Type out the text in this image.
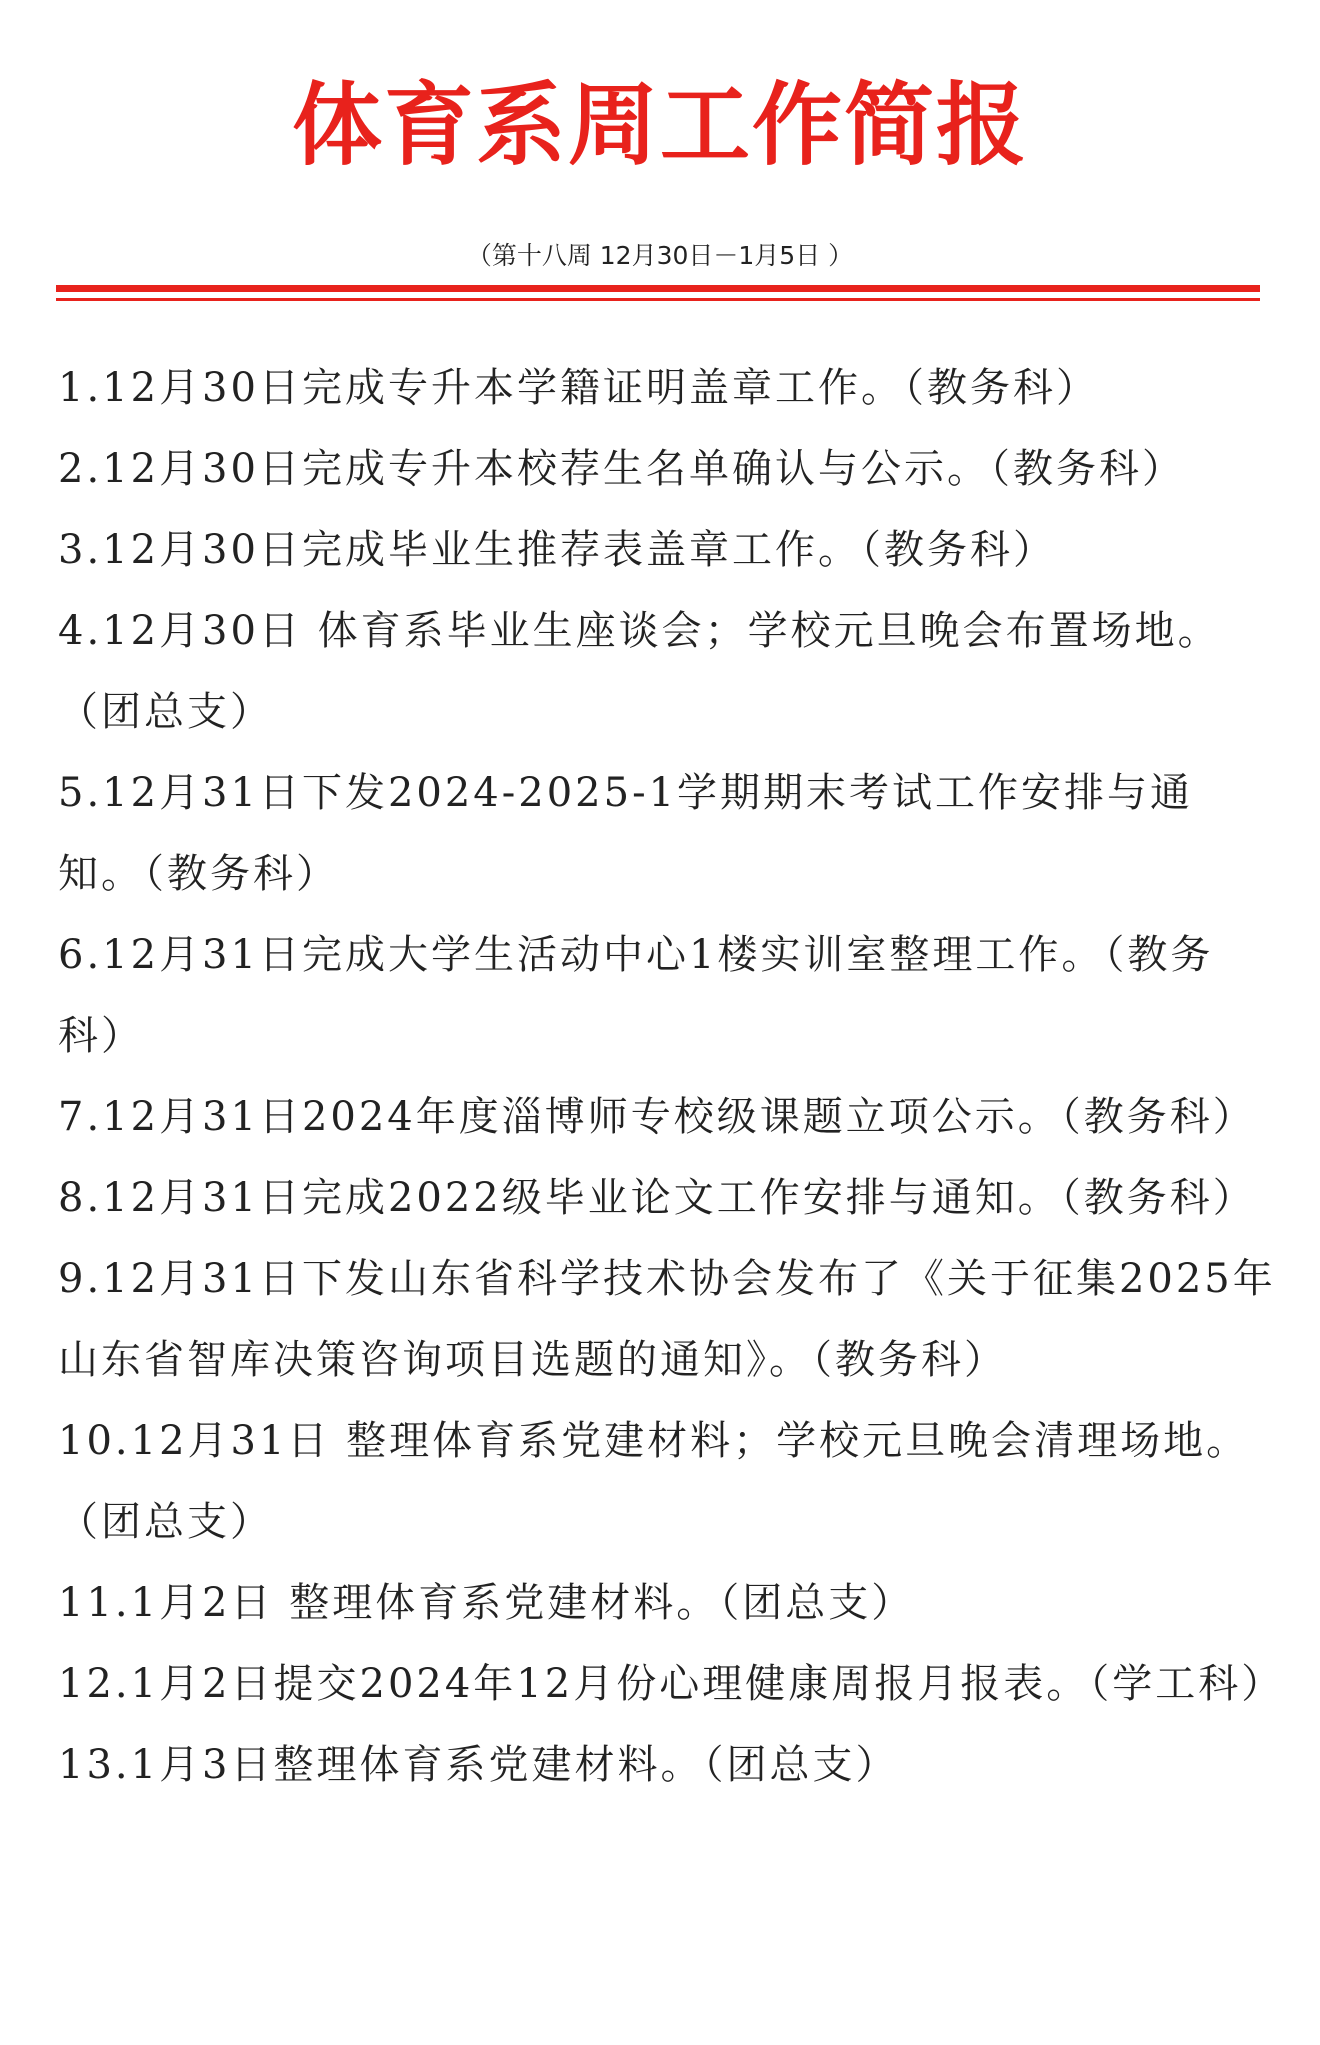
体育系周工作简报
（第十八周 12月30日－1月5日 ）

1.12月30日完成专升本学籍证明盖章工作。（教务科）

2.12月30日完成专升本校荐生名单确认与公示。（教务科）

3.12月30日完成毕业生推荐表盖章工作。（教务科）

4.12月30日 体育系毕业生座谈会；学校元旦晚会布置场地。（团总支）

5.12月31日下发2024-2025-1学期期末考试工作安排与通知。（教务科）

6.12月31日完成大学生活动中心1楼实训室整理工作。（教务科）

7.12月31日2024年度淄博师专校级课题立项公示。（教务科）

8.12月31日完成2022级毕业论文工作安排与通知。（教务科）

9.12月31日下发山东省科学技术协会发布了《关于征集2025年山东省智库决策咨询项目选题的通知》。（教务科）

10.12月31日 整理体育系党建材料；学校元旦晚会清理场地。（团总支）

11.1月2日 整理体育系党建材料。（团总支）

12.1月2日提交2024年12月份心理健康周报月报表。（学工科）

13.1月3日整理体育系党建材料。（团总支）
